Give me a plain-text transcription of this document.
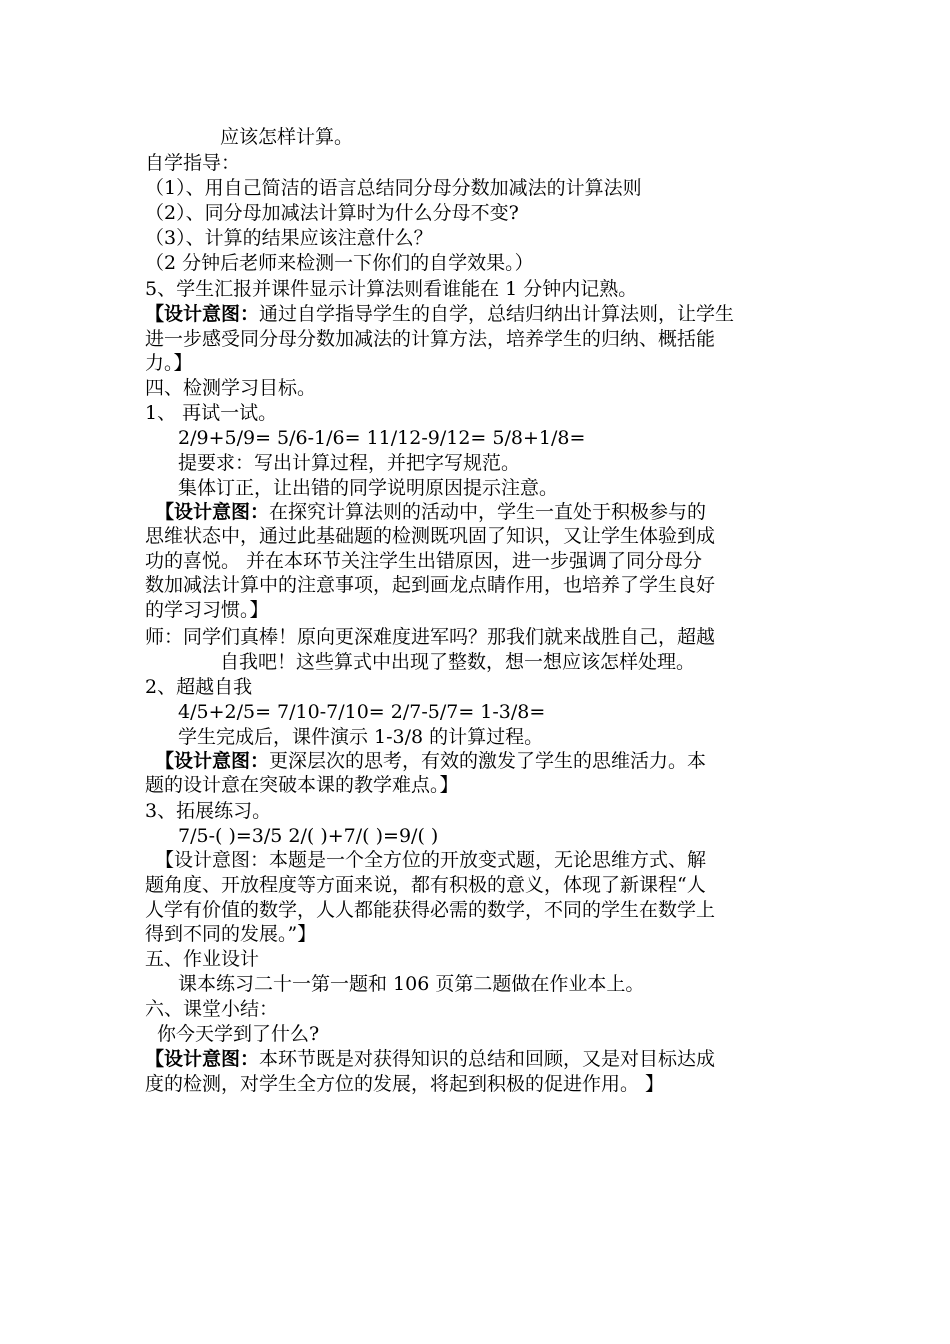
应该怎样计算。
自学指导：
（1）、用自己简洁的语言总结同分母分数加减法的计算法则
（2）、同分母加减法计算时为什么分母不变?
（3）、计算的结果应该注意什么？
（2 分钟后老师来检测一下你们的自学效果。）
5、学生汇报并课件显示计算法则看谁能在 1 分钟内记熟。
【设计意图：通过自学指导学生的自学，总结归纳出计算法则，让学生
进一步感受同分母分数加减法的计算方法，培养学生的归纳、概括能
力。】
四、检测学习目标。
1、 再试一试。
2/9+5/9= 5/6-1/6= 11/12-9/12= 5/8+1/8=
提要求：写出计算过程，并把字写规范。
集体订正，让出错的同学说明原因提示注意。
【设计意图：在探究计算法则的活动中，学生一直处于积极参与的
思维状态中，通过此基础题的检测既巩固了知识，又让学生体验到成
功的喜悦。 并在本环节关注学生出错原因，进一步强调了同分母分
数加减法计算中的注意事项，起到画龙点睛作用，也培养了学生良好
的学习习惯。】
师：同学们真棒！原向更深难度进军吗？那我们就来战胜自己，超越
自我吧！这些算式中出现了整数，想一想应该怎样处理。
2、超越自我
4/5+2/5= 7/10-7/10= 2/7-5/7= 1-3/8=
学生完成后，课件演示 1-3/8 的计算过程。
【设计意图：更深层次的思考，有效的激发了学生的思维活力。本
题的设计意在突破本课的教学难点。】
3、拓展练习。
7/5-( )=3/5 2/( )+7/( )=9/( )
【设计意图：本题是一个全方位的开放变式题，无论思维方式、解
题角度、开放程度等方面来说，都有积极的意义，体现了新课程“人
人学有价值的数学，人人都能获得必需的数学，不同的学生在数学上
得到不同的发展。”】
五、作业设计
课本练习二十一第一题和 106 页第二题做在作业本上。
六、课堂小结：
你今天学到了什么?
【设计意图：本环节既是对获得知识的总结和回顾，又是对目标达成
度的检测，对学生全方位的发展，将起到积极的促进作用。 】
